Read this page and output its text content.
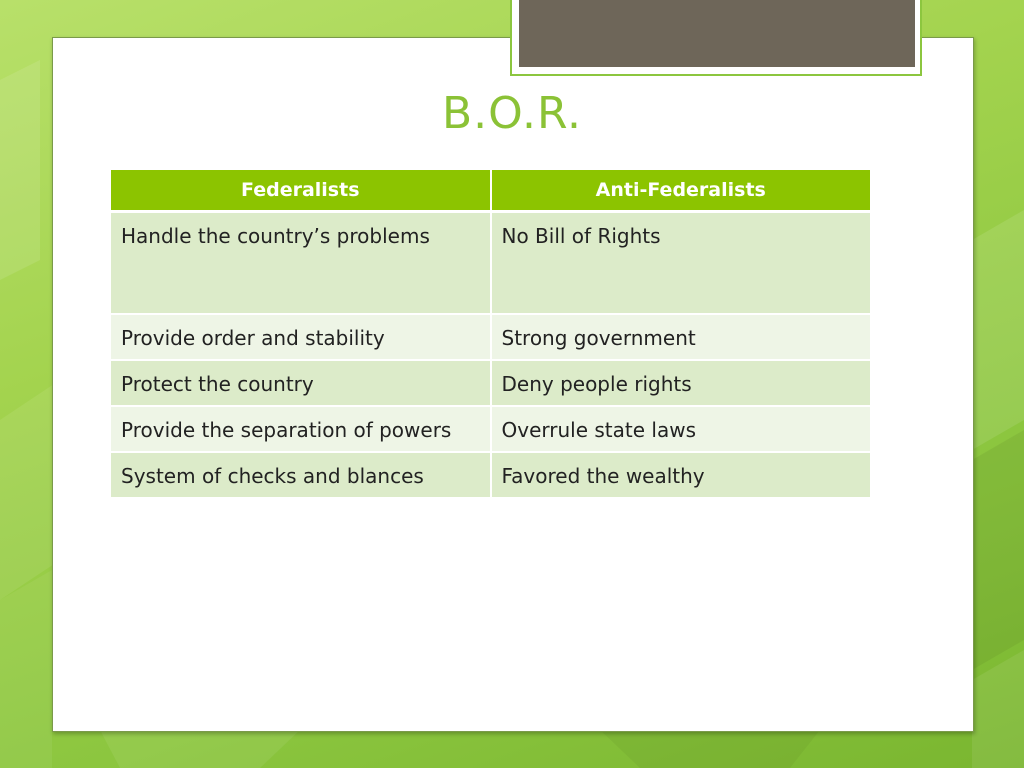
B.O.R.
Federalists	Anti-Federalists
Handle the country’s problems	No Bill of Rights
Provide order and stability	Strong government
Protect the country	Deny people rights
Provide the separation of powers	Overrule state laws
System of checks and blances	Favored the wealthy
